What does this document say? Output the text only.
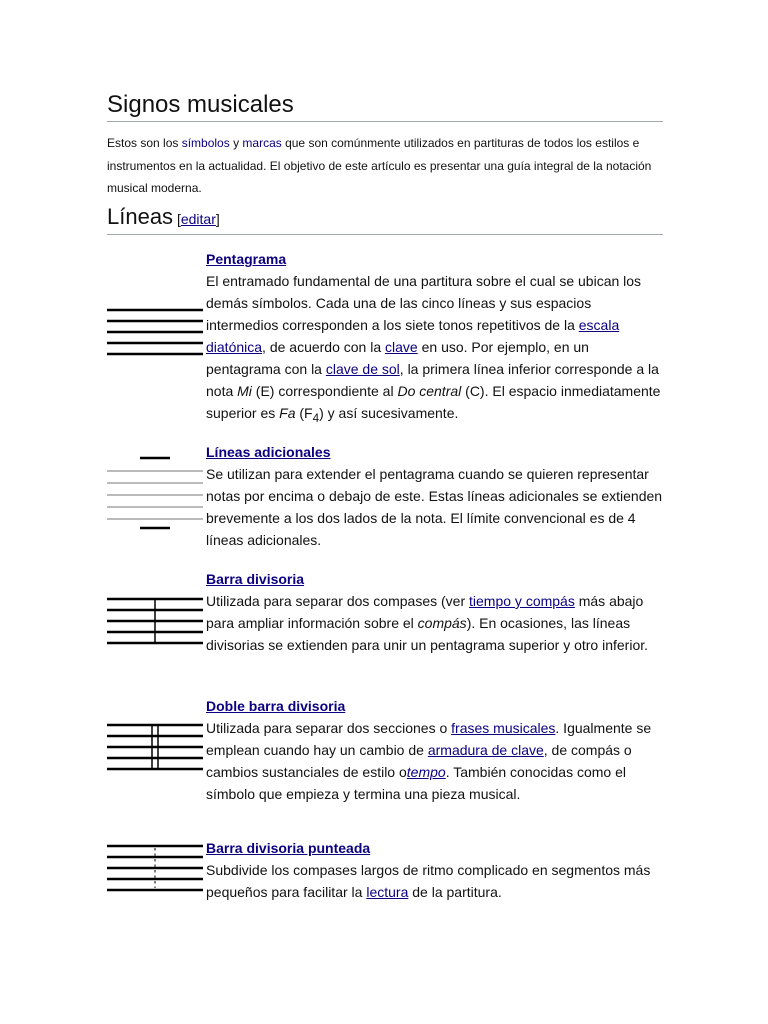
Signos musicales

Estos son los símbolos y marcas que son comúnmente utilizados en partituras de todos los estilos e instrumentos en la actualidad. El objetivo de este artículo es presentar una guía integral de la notación musical moderna.

Líneas [editar]
Pentagrama

El entramado fundamental de una partitura sobre el cual se ubican los demás símbolos. Cada una de las cinco líneas y sus espacios intermedios corresponden a los siete tonos repetitivos de la escala diatónica, de acuerdo con la clave en uso. Por ejemplo, en un pentagrama con la clave de sol, la primera línea inferior corresponde a la nota Mi (E) correspondiente al Do central (C). El espacio inmediatamente superior es Fa $(F_4)$ y así sucesivamente.

Líneas adicionales

Se utilizan para extender el pentagrama cuando se quieren representar notas por encima o debajo de este. Estas líneas adicionales se extienden brevemente a los dos lados de la nota. El límite convencional es de 4 líneas adicionales.

Barra divisoria

Utilizada para separar dos compases (ver tiempo y compás más abajo para ampliar información sobre el compás). En ocasiones, las líneas divisorias se extienden para unir un pentagrama superior y otro inferior.

Doble barra divisoria

Utilizada para separar dos secciones o frases musicales. Igualmente se emplean cuando hay un cambio de armadura de clave, de compás o cambios sustanciales de estilo otempo. También conocidas como el símbolo que empieza y termina una pieza musical.

Barra divisoria punteada

Subdivide los compases largos de ritmo complicado en segmentos más pequeños para facilitar la lectura de la partitura.
